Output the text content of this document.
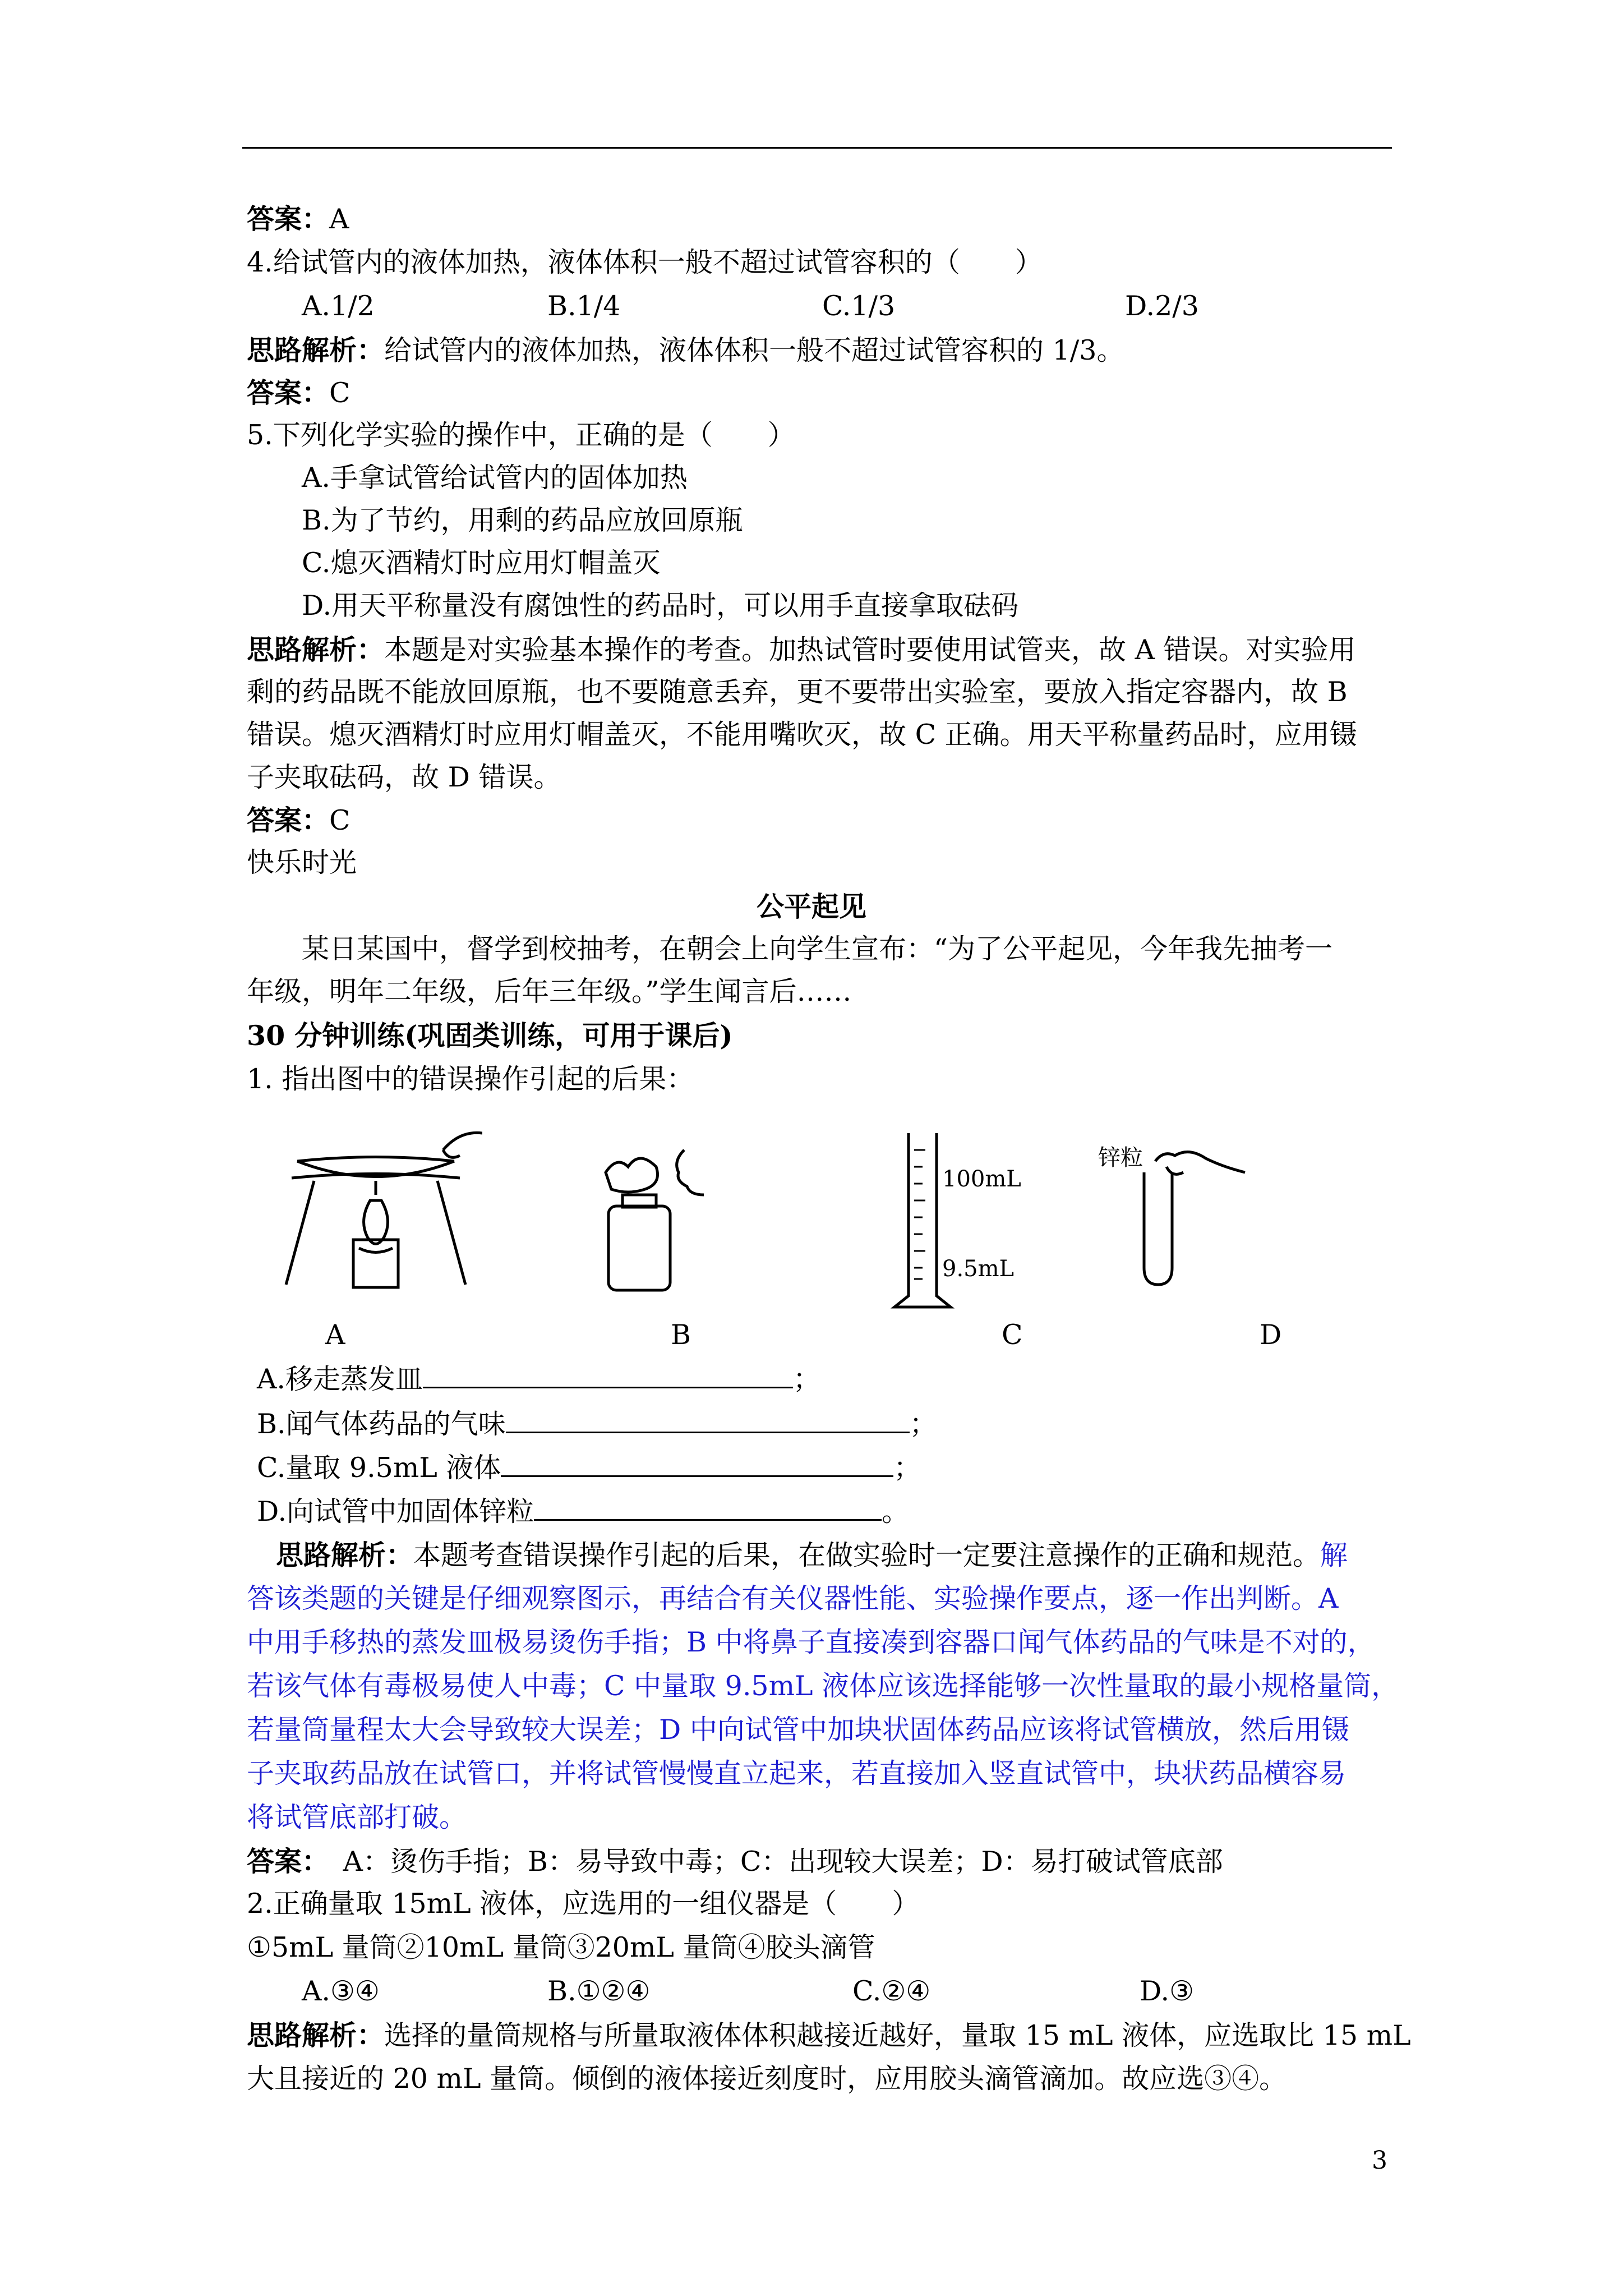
答案：A
4.给试管内的液体加热，液体体积一般不超过试管容积的（　　）
A.1/2	B.1/4	C.1/3	D.2/3
思路解析：给试管内的液体加热，液体体积一般不超过试管容积的 1/3。
答案：C
5.下列化学实验的操作中，正确的是（　　）
A.手拿试管给试管内的固体加热
B.为了节约，用剩的药品应放回原瓶
C.熄灭酒精灯时应用灯帽盖灭
D.用天平称量没有腐蚀性的药品时，可以用手直接拿取砝码
思路解析：本题是对实验基本操作的考查。加热试管时要使用试管夹，故 A 错误。对实验用
剩的药品既不能放回原瓶，也不要随意丢弃，更不要带出实验室，要放入指定容器内，故 B
错误。熄灭酒精灯时应用灯帽盖灭，不能用嘴吹灭，故 C 正确。用天平称量药品时，应用镊
子夹取砝码，故 D 错误。
答案：C
快乐时光
公平起见
某日某国中，督学到校抽考，在朝会上向学生宣布：“为了公平起见，今年我先抽考一
年级，明年二年级，后年三年级。”学生闻言后……
30 分钟训练(巩固类训练，可用于课后)
1. 指出图中的错误操作引起的后果：
100mL
9.5mL
锌粒
A	B	C	D
A.移走蒸发皿	；
B.闻气体药品的气味	；
C.量取 9.5mL 液体	；
D.向试管中加固体锌粒	。
思路解析：本题考查错误操作引起的后果，在做实验时一定要注意操作的正确和规范。解
答该类题的关键是仔细观察图示，再结合有关仪器性能、实验操作要点，逐一作出判断。A
中用手移热的蒸发皿极易烫伤手指；B 中将鼻子直接凑到容器口闻气体药品的气味是不对的，
若该气体有毒极易使人中毒；C 中量取 9.5mL 液体应该选择能够一次性量取的最小规格量筒，
若量筒量程太大会导致较大误差；D 中向试管中加块状固体药品应该将试管横放，然后用镊
子夹取药品放在试管口，并将试管慢慢直立起来，若直接加入竖直试管中，块状药品横容易
将试管底部打破。
答案：　A：烫伤手指；B：易导致中毒；C：出现较大误差；D：易打破试管底部
2.正确量取 15mL 液体，应选用的一组仪器是（　　）
①5mL 量筒②10mL 量筒③20mL 量筒④胶头滴管
A.③④	B.①②④	C.②④	D.③
思路解析：选择的量筒规格与所量取液体体积越接近越好，量取 15 mL 液体，应选取比 15 mL
大且接近的 20 mL 量筒。倾倒的液体接近刻度时，应用胶头滴管滴加。故应选③④。
3
